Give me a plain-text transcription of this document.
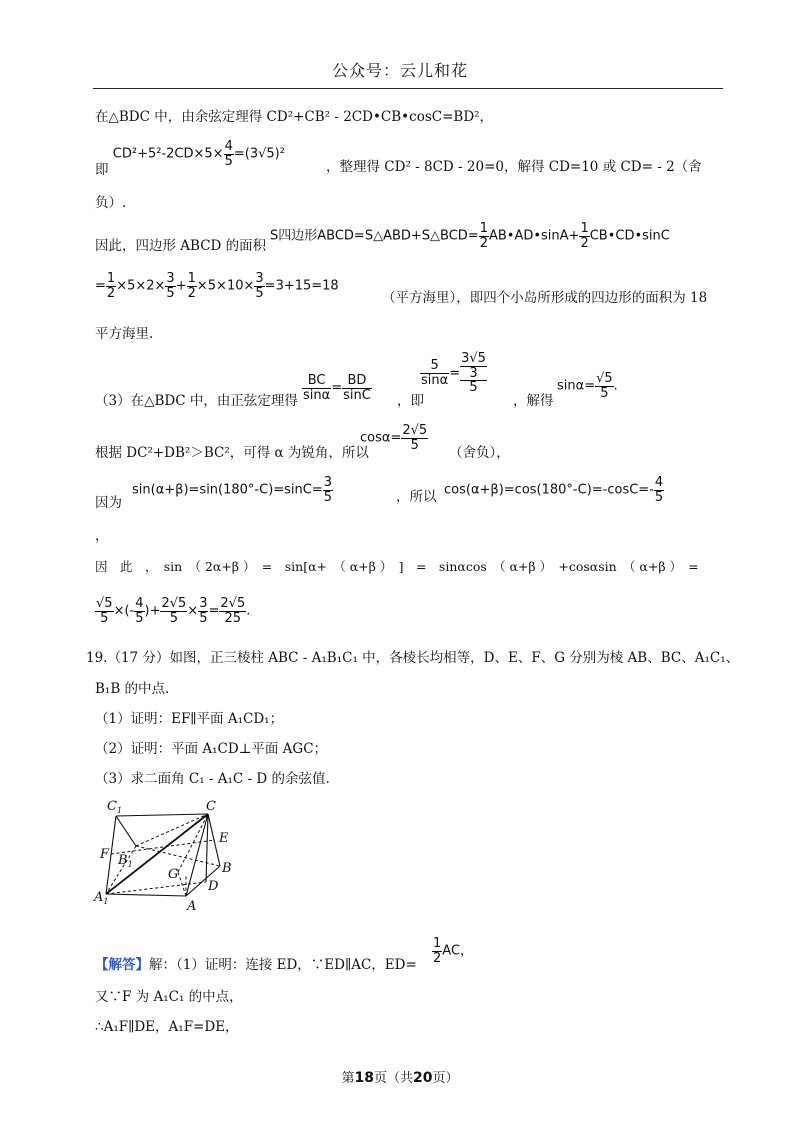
公众号：云儿和花
在△BDC 中，由余弦定理得 CD²+CB² - 2CD•CB•cosC=BD²，
即 $CD^2+5^2-2CD\times 5\times \frac{4}{5} =(3√5)^2$
，整理得 CD² - 8CD - 20=0，解得 CD=10 或 CD= - 2（舍
负）.
因此，四边形 ABCD 的面积
S四边形ABCD=S△ABD+S△BCD= $\frac{1}{2}$ AB•AD•sinA+ $\frac{1}{2}$ CB•CD•sinC
= $\frac{1}{2} \times 5\times 2\times \frac{3}{5} + \frac{1}{2} \times 5\times 10\times \frac{3}{5} =3+15=18$
（平方海里），即四个小岛所形成的四边形的面积为 18
平方海里.
（3）在△BDC 中，由正弦定理得 $\frac{BC}{\sin\alpha} = \frac{BD}{\sin C}$ ，即
$\frac{5}{\sin\alpha}$ =
3√5
3
5
，解得
$\sin\alpha= \frac{√5}{5}$ .
根据 DC²+DB²＞BC²，可得 α 为锐角，所以
$\cos\alpha= \frac{2√5}{5}$
（舍负），
因为
$\sin(\alpha+\beta)=\sin(180^\circ-C)=\sin C= \frac{3}{5}$	，所以 $\cos(\alpha+\beta)=\cos(180^\circ-C)=-\cos C=- \frac{4}{5}$
，
因　此　，　sin　（ 2α+β ）　=　sin[α+　（ α+β ）　]　=　sinαcos　（ α+β ）　+cosαsin　（ α+β ）　=
$\frac{√5}{5}$ ×(- $\frac{4}{5}$ )+ $\frac{2√5}{5} \times \frac{3}{5} = \frac{2√5}{25}$ .
19.（17 分）如图，正三棱柱 ABC - A₁B₁C₁ 中，各棱长均相等，D、E、F、G 分别为棱 AB、BC、A₁C₁、
B₁B 的中点.
（1）证明：EF∥平面 A₁CD₁；
（2）证明：平面 A₁CD⊥平面 AGC；
（3）求二面角 C₁ - A₁C - D 的余弦值.
$C_1$	C
E
F $B_1$
G	B
D
$A_1$	A
【解答】解：（1）证明：连接 ED，∵ED∥AC，$ED= \frac{1}{2}$ AC，
又∵F 为 A₁C₁ 的中点，
∴A₁F∥DE，A₁F=DE，
第18页（共20页）
